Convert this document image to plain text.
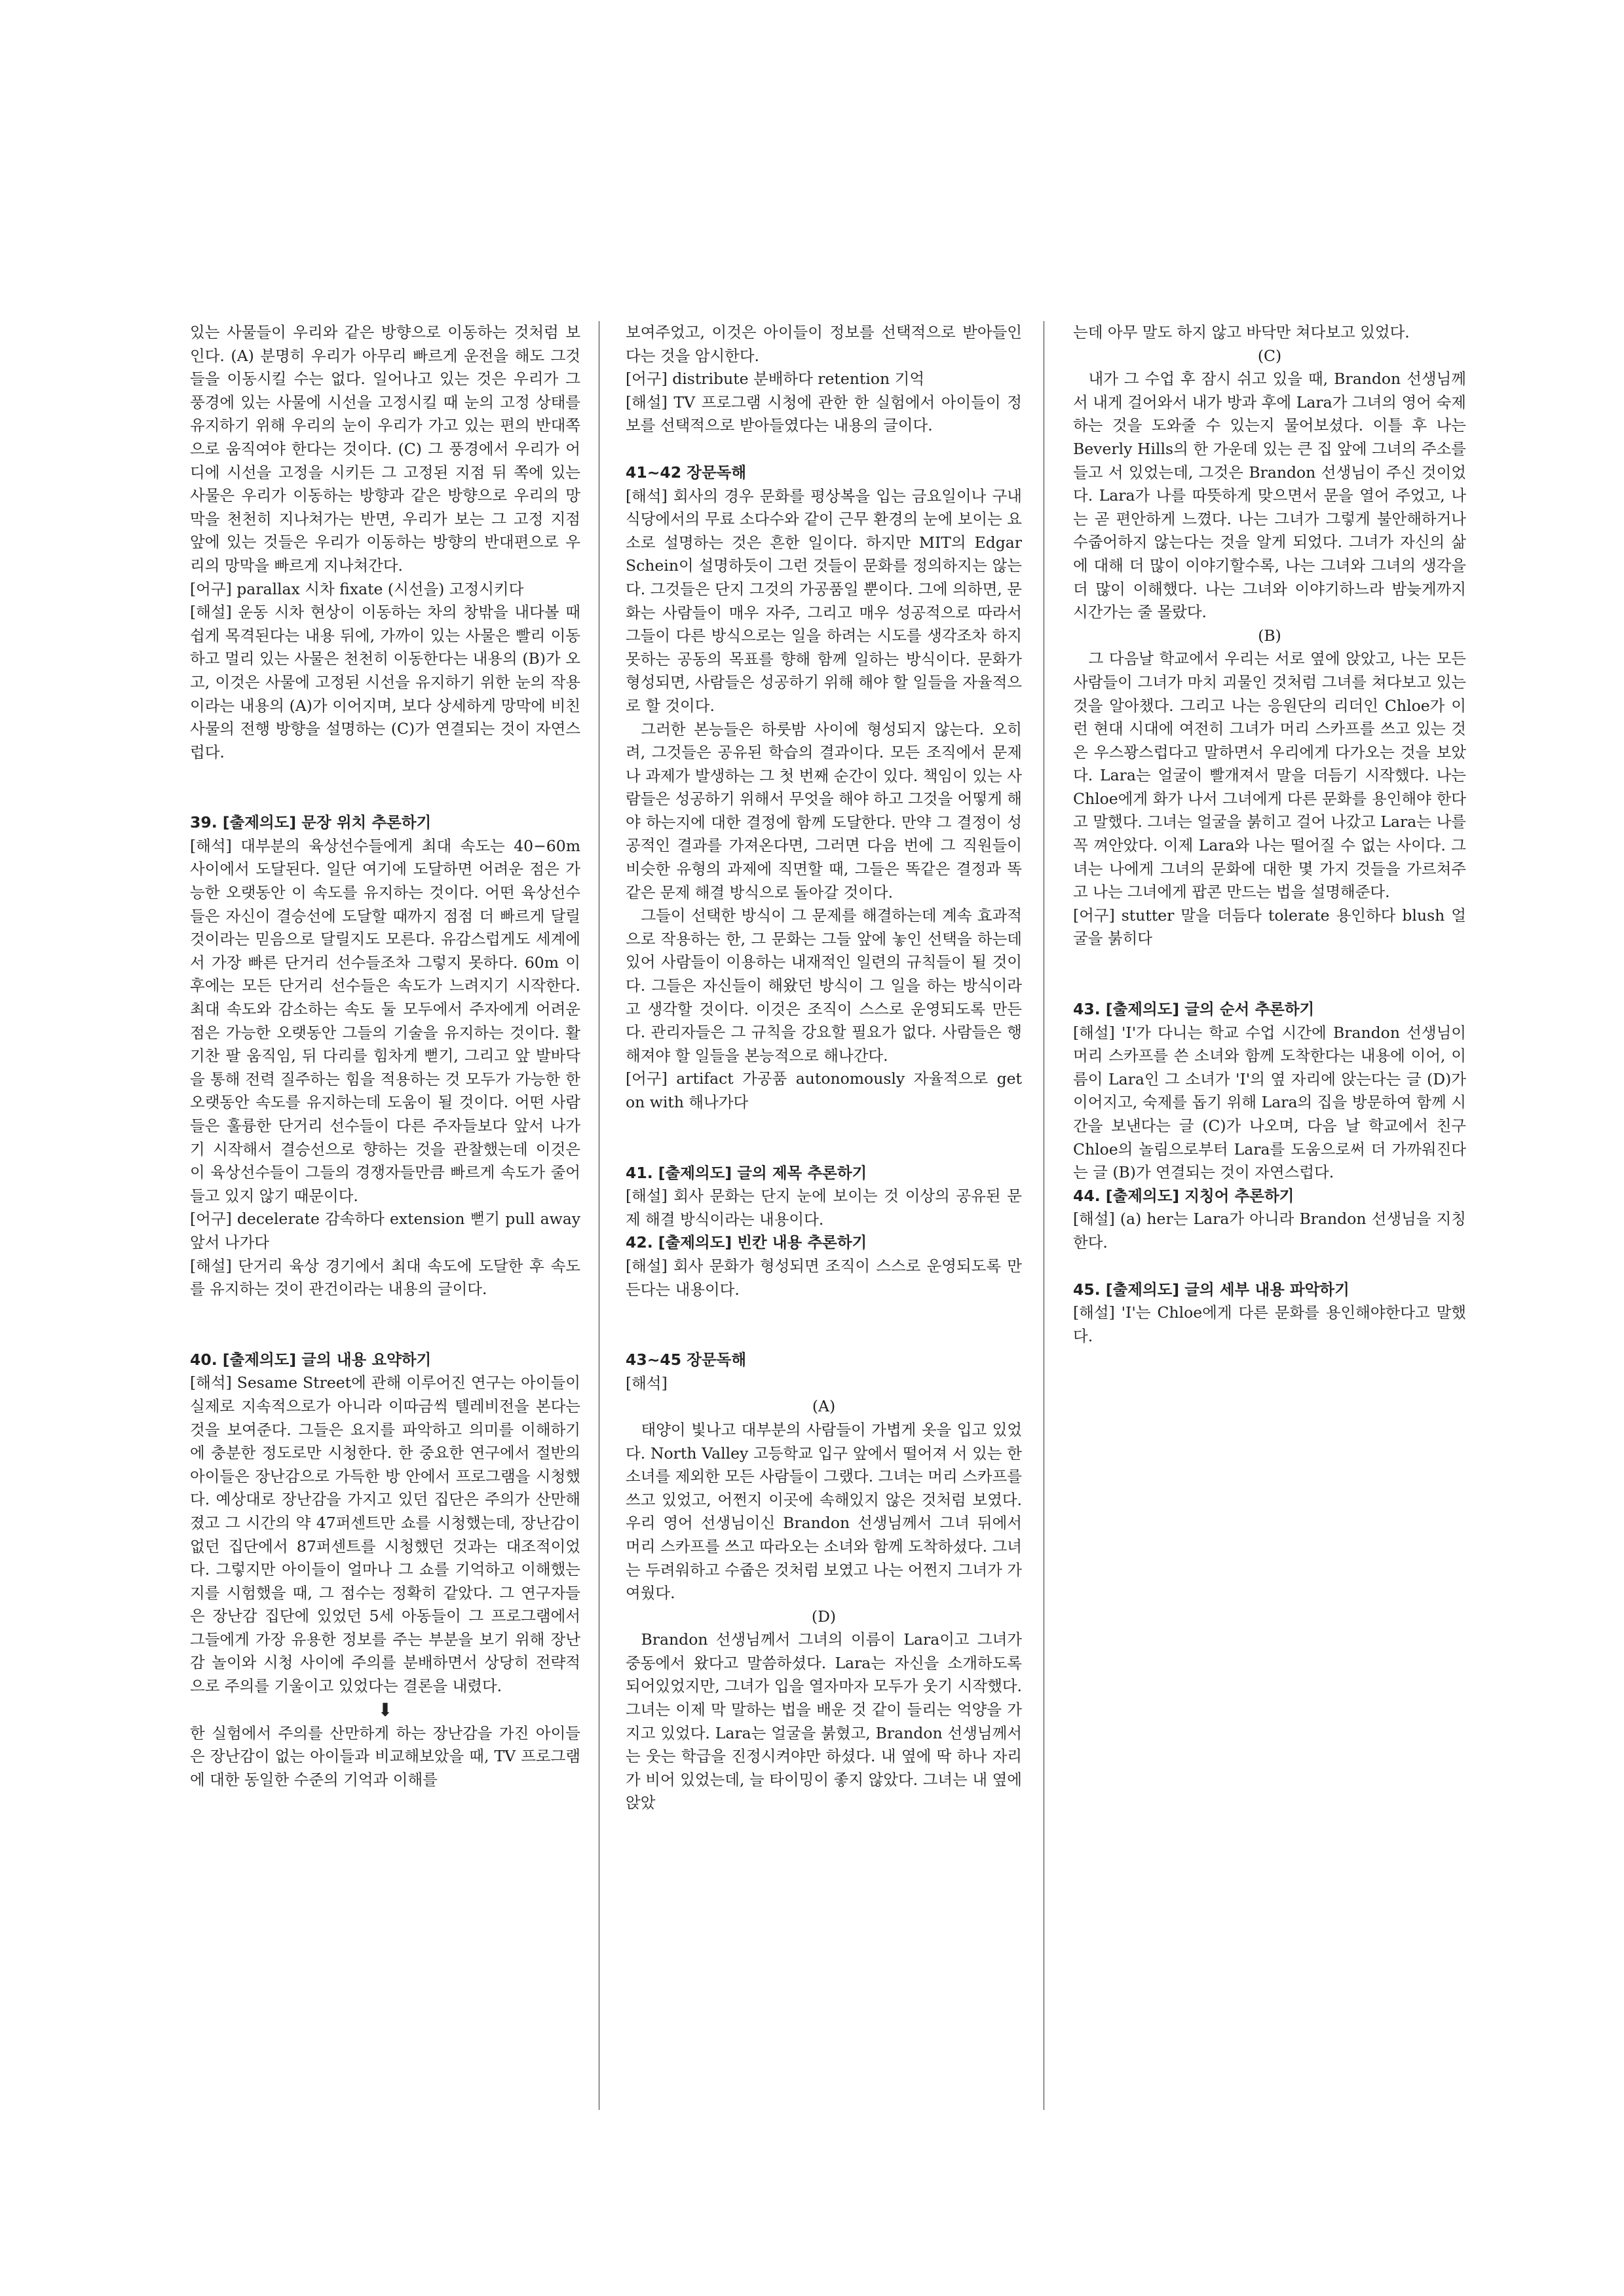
있는 사물들이 우리와 같은 방향으로 이동하는 것처럼 보인다. (A) 분명히 우리가 아무리 빠르게 운전을 해도 그것들을 이동시킬 수는 없다. 일어나고 있는 것은 우리가 그 풍경에 있는 사물에 시선을 고정시킬 때 눈의 고정 상태를 유지하기 위해 우리의 눈이 우리가 가고 있는 편의 반대쪽으로 움직여야 한다는 것이다. (C) 그 풍경에서 우리가 어디에 시선을 고정을 시키든 그 고정된 지점 뒤 쪽에 있는 사물은 우리가 이동하는 방향과 같은 방향으로 우리의 망막을 천천히 지나쳐가는 반면, 우리가 보는 그 고정 지점 앞에 있는 것들은 우리가 이동하는 방향의 반대편으로 우리의 망막을 빠르게 지나쳐간다.

[어구] parallax 시차 fixate (시선을) 고정시키다

[해설] 운동 시차 현상이 이동하는 차의 창밖을 내다볼 때 쉽게 목격된다는 내용 뒤에, 가까이 있는 사물은 빨리 이동하고 멀리 있는 사물은 천천히 이동한다는 내용의 (B)가 오고, 이것은 사물에 고정된 시선을 유지하기 위한 눈의 작용이라는 내용의 (A)가 이어지며, 보다 상세하게 망막에 비친 사물의 전행 방향을 설명하는 (C)가 연결되는 것이 자연스럽다.

39. [출제의도] 문장 위치 추론하기

[해석] 대부분의 육상선수들에게 최대 속도는 40−60m 사이에서 도달된다. 일단 여기에 도달하면 어려운 점은 가능한 오랫동안 이 속도를 유지하는 것이다. 어떤 육상선수들은 자신이 결승선에 도달할 때까지 점점 더 빠르게 달릴 것이라는 믿음으로 달릴지도 모른다. 유감스럽게도 세계에서 가장 빠른 단거리 선수들조차 그렇지 못하다. 60m 이후에는 모든 단거리 선수들은 속도가 느려지기 시작한다. 최대 속도와 감소하는 속도 둘 모두에서 주자에게 어려운 점은 가능한 오랫동안 그들의 기술을 유지하는 것이다. 활기찬 팔 움직임, 뒤 다리를 힘차게 뻗기, 그리고 앞 발바닥을 통해 전력 질주하는 힘을 적용하는 것 모두가 가능한 한 오랫동안 속도를 유지하는데 도움이 될 것이다. 어떤 사람들은 훌륭한 단거리 선수들이 다른 주자들보다 앞서 나가기 시작해서 결승선으로 향하는 것을 관찰했는데 이것은 이 육상선수들이 그들의 경쟁자들만큼 빠르게 속도가 줄어들고 있지 않기 때문이다.

[어구] decelerate 감속하다 extension 뻗기 pull away 앞서 나가다

[해설] 단거리 육상 경기에서 최대 속도에 도달한 후 속도를 유지하는 것이 관건이라는 내용의 글이다.

40. [출제의도] 글의 내용 요약하기

[해석] Sesame Street에 관해 이루어진 연구는 아이들이 실제로 지속적으로가 아니라 이따금씩 텔레비전을 본다는 것을 보여준다. 그들은 요지를 파악하고 의미를 이해하기에 충분한 정도로만 시청한다. 한 중요한 연구에서 절반의 아이들은 장난감으로 가득한 방 안에서 프로그램을 시청했다. 예상대로 장난감을 가지고 있던 집단은 주의가 산만해졌고 그 시간의 약 47퍼센트만 쇼를 시청했는데, 장난감이 없던 집단에서 87퍼센트를 시청했던 것과는 대조적이었다. 그렇지만 아이들이 얼마나 그 쇼를 기억하고 이해했는지를 시험했을 때, 그 점수는 정확히 같았다. 그 연구자들은 장난감 집단에 있었던 5세 아동들이 그 프로그램에서 그들에게 가장 유용한 정보를 주는 부분을 보기 위해 장난감 놀이와 시청 사이에 주의를 분배하면서 상당히 전략적으로 주의를 기울이고 있었다는 결론을 내렸다.

⬇

한 실험에서 주의를 산만하게 하는 장난감을 가진 아이들은 장난감이 없는 아이들과 비교해보았을 때, TV 프로그램에 대한 동일한 수준의 기억과 이해를

보여주었고, 이것은 아이들이 정보를 선택적으로 받아들인다는 것을 암시한다.

[어구] distribute 분배하다 retention 기억

[해설] TV 프로그램 시청에 관한 한 실험에서 아이들이 정보를 선택적으로 받아들였다는 내용의 글이다.

41~42 장문독해

[해석] 회사의 경우 문화를 평상복을 입는 금요일이나 구내식당에서의 무료 소다수와 같이 근무 환경의 눈에 보이는 요소로 설명하는 것은 흔한 일이다. 하지만 MIT의 Edgar Schein이 설명하듯이 그런 것들이 문화를 정의하지는 않는다. 그것들은 단지 그것의 가공품일 뿐이다. 그에 의하면, 문화는 사람들이 매우 자주, 그리고 매우 성공적으로 따라서 그들이 다른 방식으로는 일을 하려는 시도를 생각조차 하지 못하는 공동의 목표를 향해 함께 일하는 방식이다. 문화가 형성되면, 사람들은 성공하기 위해 해야 할 일들을 자율적으로 할 것이다.

그러한 본능들은 하룻밤 사이에 형성되지 않는다. 오히려, 그것들은 공유된 학습의 결과이다. 모든 조직에서 문제나 과제가 발생하는 그 첫 번째 순간이 있다. 책임이 있는 사람들은 성공하기 위해서 무엇을 해야 하고 그것을 어떻게 해야 하는지에 대한 결정에 함께 도달한다. 만약 그 결정이 성공적인 결과를 가져온다면, 그러면 다음 번에 그 직원들이 비슷한 유형의 과제에 직면할 때, 그들은 똑같은 결정과 똑같은 문제 해결 방식으로 돌아갈 것이다.

그들이 선택한 방식이 그 문제를 해결하는데 계속 효과적으로 작용하는 한, 그 문화는 그들 앞에 놓인 선택을 하는데 있어 사람들이 이용하는 내재적인 일련의 규칙들이 될 것이다. 그들은 자신들이 해왔던 방식이 그 일을 하는 방식이라고 생각할 것이다. 이것은 조직이 스스로 운영되도록 만든다. 관리자들은 그 규칙을 강요할 필요가 없다. 사람들은 행해져야 할 일들을 본능적으로 해나간다.

[어구] artifact 가공품 autonomously 자율적으로 get on with 해나가다

41. [출제의도] 글의 제목 추론하기

[해설] 회사 문화는 단지 눈에 보이는 것 이상의 공유된 문제 해결 방식이라는 내용이다.

42. [출제의도] 빈칸 내용 추론하기

[해설] 회사 문화가 형성되면 조직이 스스로 운영되도록 만든다는 내용이다.

43~45 장문독해

[해석]

(A)

태양이 빛나고 대부분의 사람들이 가볍게 옷을 입고 있었다. North Valley 고등학교 입구 앞에서 떨어져 서 있는 한 소녀를 제외한 모든 사람들이 그랬다. 그녀는 머리 스카프를 쓰고 있었고, 어쩐지 이곳에 속해있지 않은 것처럼 보였다. 우리 영어 선생님이신 Brandon 선생님께서 그녀 뒤에서 머리 스카프를 쓰고 따라오는 소녀와 함께 도착하셨다. 그녀는 두려워하고 수줍은 것처럼 보였고 나는 어쩐지 그녀가 가여웠다.

(D)

Brandon 선생님께서 그녀의 이름이 Lara이고 그녀가 중동에서 왔다고 말씀하셨다. Lara는 자신을 소개하도록 되어있었지만, 그녀가 입을 열자마자 모두가 웃기 시작했다. 그녀는 이제 막 말하는 법을 배운 것 같이 들리는 억양을 가지고 있었다. Lara는 얼굴을 붉혔고, Brandon 선생님께서는 웃는 학급을 진정시켜야만 하셨다. 내 옆에 딱 하나 자리가 비어 있었는데, 늘 타이밍이 좋지 않았다. 그녀는 내 옆에 앉았

는데 아무 말도 하지 않고 바닥만 쳐다보고 있었다.

(C)

내가 그 수업 후 잠시 쉬고 있을 때, Brandon 선생님께서 내게 걸어와서 내가 방과 후에 Lara가 그녀의 영어 숙제하는 것을 도와줄 수 있는지 물어보셨다. 이틀 후 나는 Beverly Hills의 한 가운데 있는 큰 집 앞에 그녀의 주소를 들고 서 있었는데, 그것은 Brandon 선생님이 주신 것이었다. Lara가 나를 따뜻하게 맞으면서 문을 열어 주었고, 나는 곧 편안하게 느꼈다. 나는 그녀가 그렇게 불안해하거나 수줍어하지 않는다는 것을 알게 되었다. 그녀가 자신의 삶에 대해 더 많이 이야기할수록, 나는 그녀와 그녀의 생각을 더 많이 이해했다. 나는 그녀와 이야기하느라 밤늦게까지 시간가는 줄 몰랐다.

(B)

그 다음날 학교에서 우리는 서로 옆에 앉았고, 나는 모든 사람들이 그녀가 마치 괴물인 것처럼 그녀를 쳐다보고 있는 것을 알아챘다. 그리고 나는 응원단의 리더인 Chloe가 이런 현대 시대에 여전히 그녀가 머리 스카프를 쓰고 있는 것은 우스꽝스럽다고 말하면서 우리에게 다가오는 것을 보았다. Lara는 얼굴이 빨개져서 말을 더듬기 시작했다. 나는 Chloe에게 화가 나서 그녀에게 다른 문화를 용인해야 한다고 말했다. 그녀는 얼굴을 붉히고 걸어 나갔고 Lara는 나를 꼭 껴안았다. 이제 Lara와 나는 떨어질 수 없는 사이다. 그녀는 나에게 그녀의 문화에 대한 몇 가지 것들을 가르쳐주고 나는 그녀에게 팝콘 만드는 법을 설명해준다.

[어구] stutter 말을 더듬다 tolerate 용인하다 blush 얼굴을 붉히다

43. [출제의도] 글의 순서 추론하기

[해설] 'I'가 다니는 학교 수업 시간에 Brandon 선생님이 머리 스카프를 쓴 소녀와 함께 도착한다는 내용에 이어, 이름이 Lara인 그 소녀가 'I'의 옆 자리에 앉는다는 글 (D)가 이어지고, 숙제를 돕기 위해 Lara의 집을 방문하여 함께 시간을 보낸다는 글 (C)가 나오며, 다음 날 학교에서 친구 Chloe의 놀림으로부터 Lara를 도움으로써 더 가까워진다는 글 (B)가 연결되는 것이 자연스럽다.

44. [출제의도] 지칭어 추론하기

[해설] (a) her는 Lara가 아니라 Brandon 선생님을 지칭한다.

45. [출제의도] 글의 세부 내용 파악하기

[해설] 'I'는 Chloe에게 다른 문화를 용인해야한다고 말했다.
